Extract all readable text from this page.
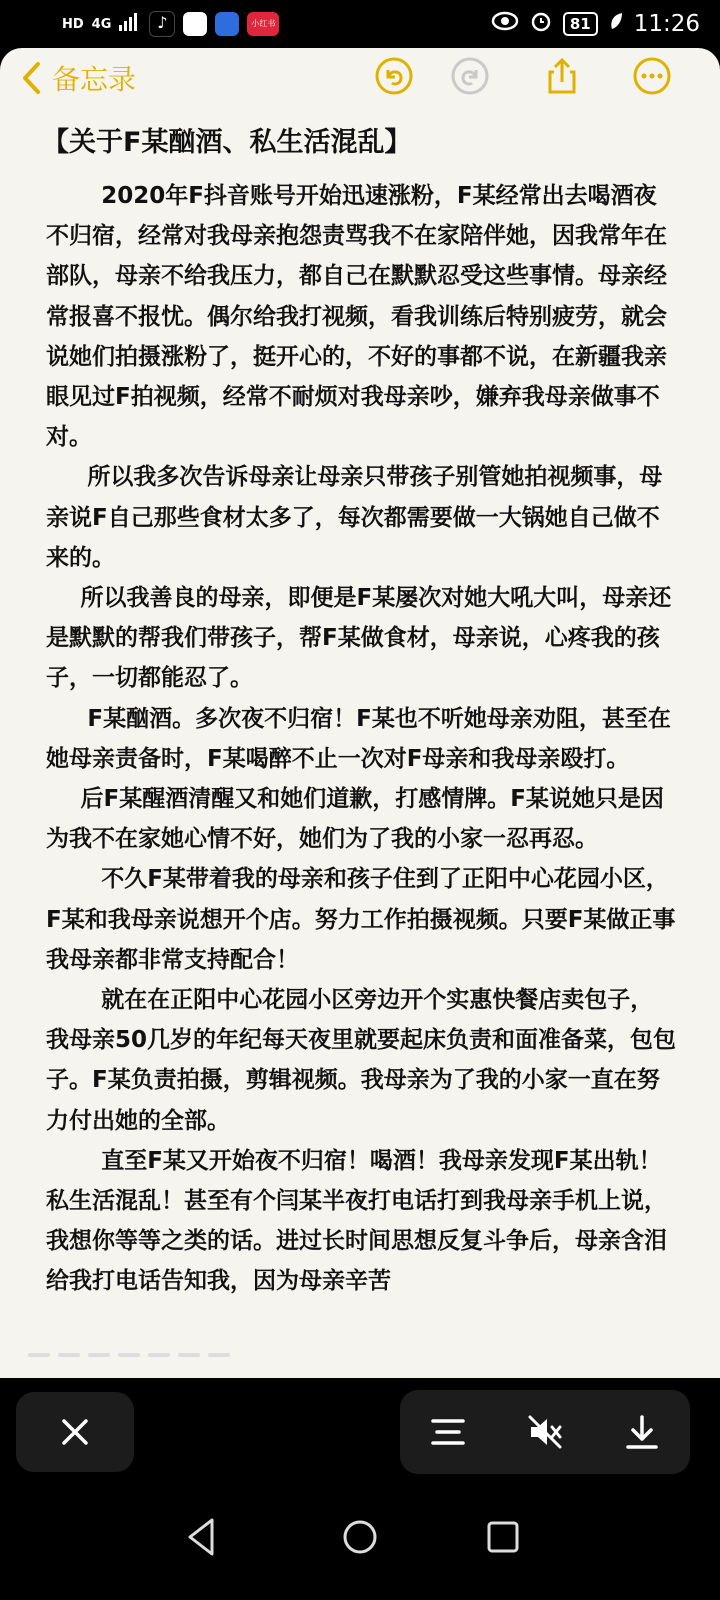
HD 4G	♪	小红书	81	11:26
备忘录
【关于F某酗酒、私生活混乱】

2020年F抖音账号开始迅速涨粉，F某经常出去喝酒夜不归宿，经常对我母亲抱怨责骂我不在家陪伴她，因我常年在部队，母亲不给我压力，都自己在默默忍受这些事情。母亲经常报喜不报忧。偶尔给我打视频，看我训练后特别疲劳，就会说她们拍摄涨粉了，挺开心的，不好的事都不说，在新疆我亲眼见过F拍视频，经常不耐烦对我母亲吵，嫌弃我母亲做事不对。

所以我多次告诉母亲让母亲只带孩子别管她拍视频事，母亲说F自己那些食材太多了，每次都需要做一大锅她自己做不来的。

所以我善良的母亲，即便是F某屡次对她大吼大叫，母亲还是默默的帮我们带孩子，帮F某做食材，母亲说，心疼我的孩子，一切都能忍了。

F某酗酒。多次夜不归宿！F某也不听她母亲劝阻，甚至在她母亲责备时，F某喝醉不止一次对F母亲和我母亲殴打。

后F某醒酒清醒又和她们道歉，打感情牌。F某说她只是因为我不在家她心情不好，她们为了我的小家一忍再忍。

不久F某带着我的母亲和孩子住到了正阳中心花园小区，F某和我母亲说想开个店。努力工作拍摄视频。只要F某做正事我母亲都非常支持配合！

就在在正阳中心花园小区旁边开个实惠快餐店卖包子，我母亲50几岁的年纪每天夜里就要起床负责和面准备菜，包包子。F某负责拍摄，剪辑视频。我母亲为了我的小家一直在努力付出她的全部。

直至F某又开始夜不归宿！喝酒！我母亲发现F某出轨！私生活混乱！甚至有个闫某半夜打电话打到我母亲手机上说，我想你等等之类的话。进过长时间思想反复斗争后，母亲含泪给我打电话告知我，因为母亲辛苦
